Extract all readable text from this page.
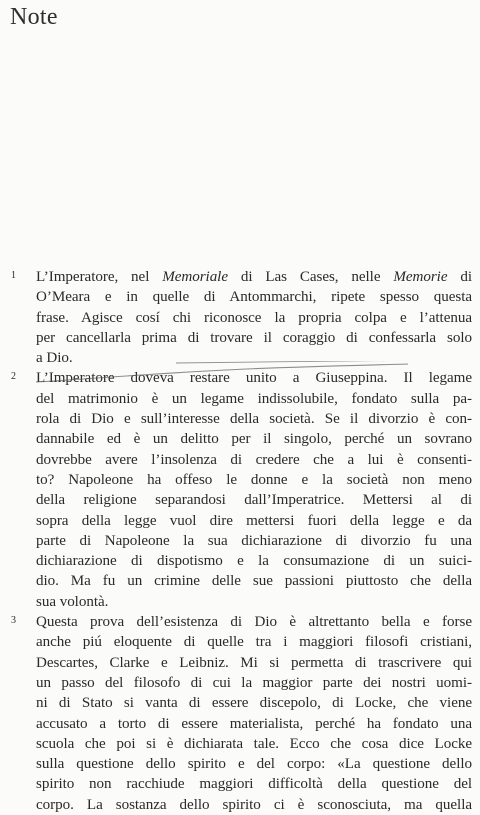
Note
1 L’Imperatore, nel Memoriale di Las Cases, nelle Memorie di
O’Meara e in quelle di Antommarchi, ripete spesso questa
frase. Agisce cosí chi riconosce la propria colpa e l’attenua
per cancellarla prima di trovare il coraggio di confessarla solo
a Dio.
2 L’Imperatore doveva restare unito a Giuseppina. Il legame
del matrimonio è un legame indissolubile, fondato sulla pa-
rola di Dio e sull’interesse della società. Se il divorzio è con-
dannabile ed è un delitto per il singolo, perché un sovrano
dovrebbe avere l’insolenza di credere che a lui è consenti-
to? Napoleone ha offeso le donne e la società non meno
della religione separandosi dall’Imperatrice. Mettersi al di
sopra della legge vuol dire mettersi fuori della legge e da
parte di Napoleone la sua dichiarazione di divorzio fu una
dichiarazione di dispotismo e la consumazione di un suici-
dio. Ma fu un crimine delle sue passioni piuttosto che della
sua volontà.
3 Questa prova dell’esistenza di Dio è altrettanto bella e forse
anche piú eloquente di quelle tra i maggiori filosofi cristiani,
Descartes, Clarke e Leibniz. Mi si permetta di trascrivere qui
un passo del filosofo di cui la maggior parte dei nostri uomi-
ni di Stato si vanta di essere discepolo, di Locke, che viene
accusato a torto di essere materialista, perché ha fondato una
scuola che poi si è dichiarata tale. Ecco che cosa dice Locke
sulla questione dello spirito e del corpo: «La questione dello
spirito non racchiude maggiori difficoltà della questione del
corpo. La sostanza dello spirito ci è sconosciuta, ma quella
